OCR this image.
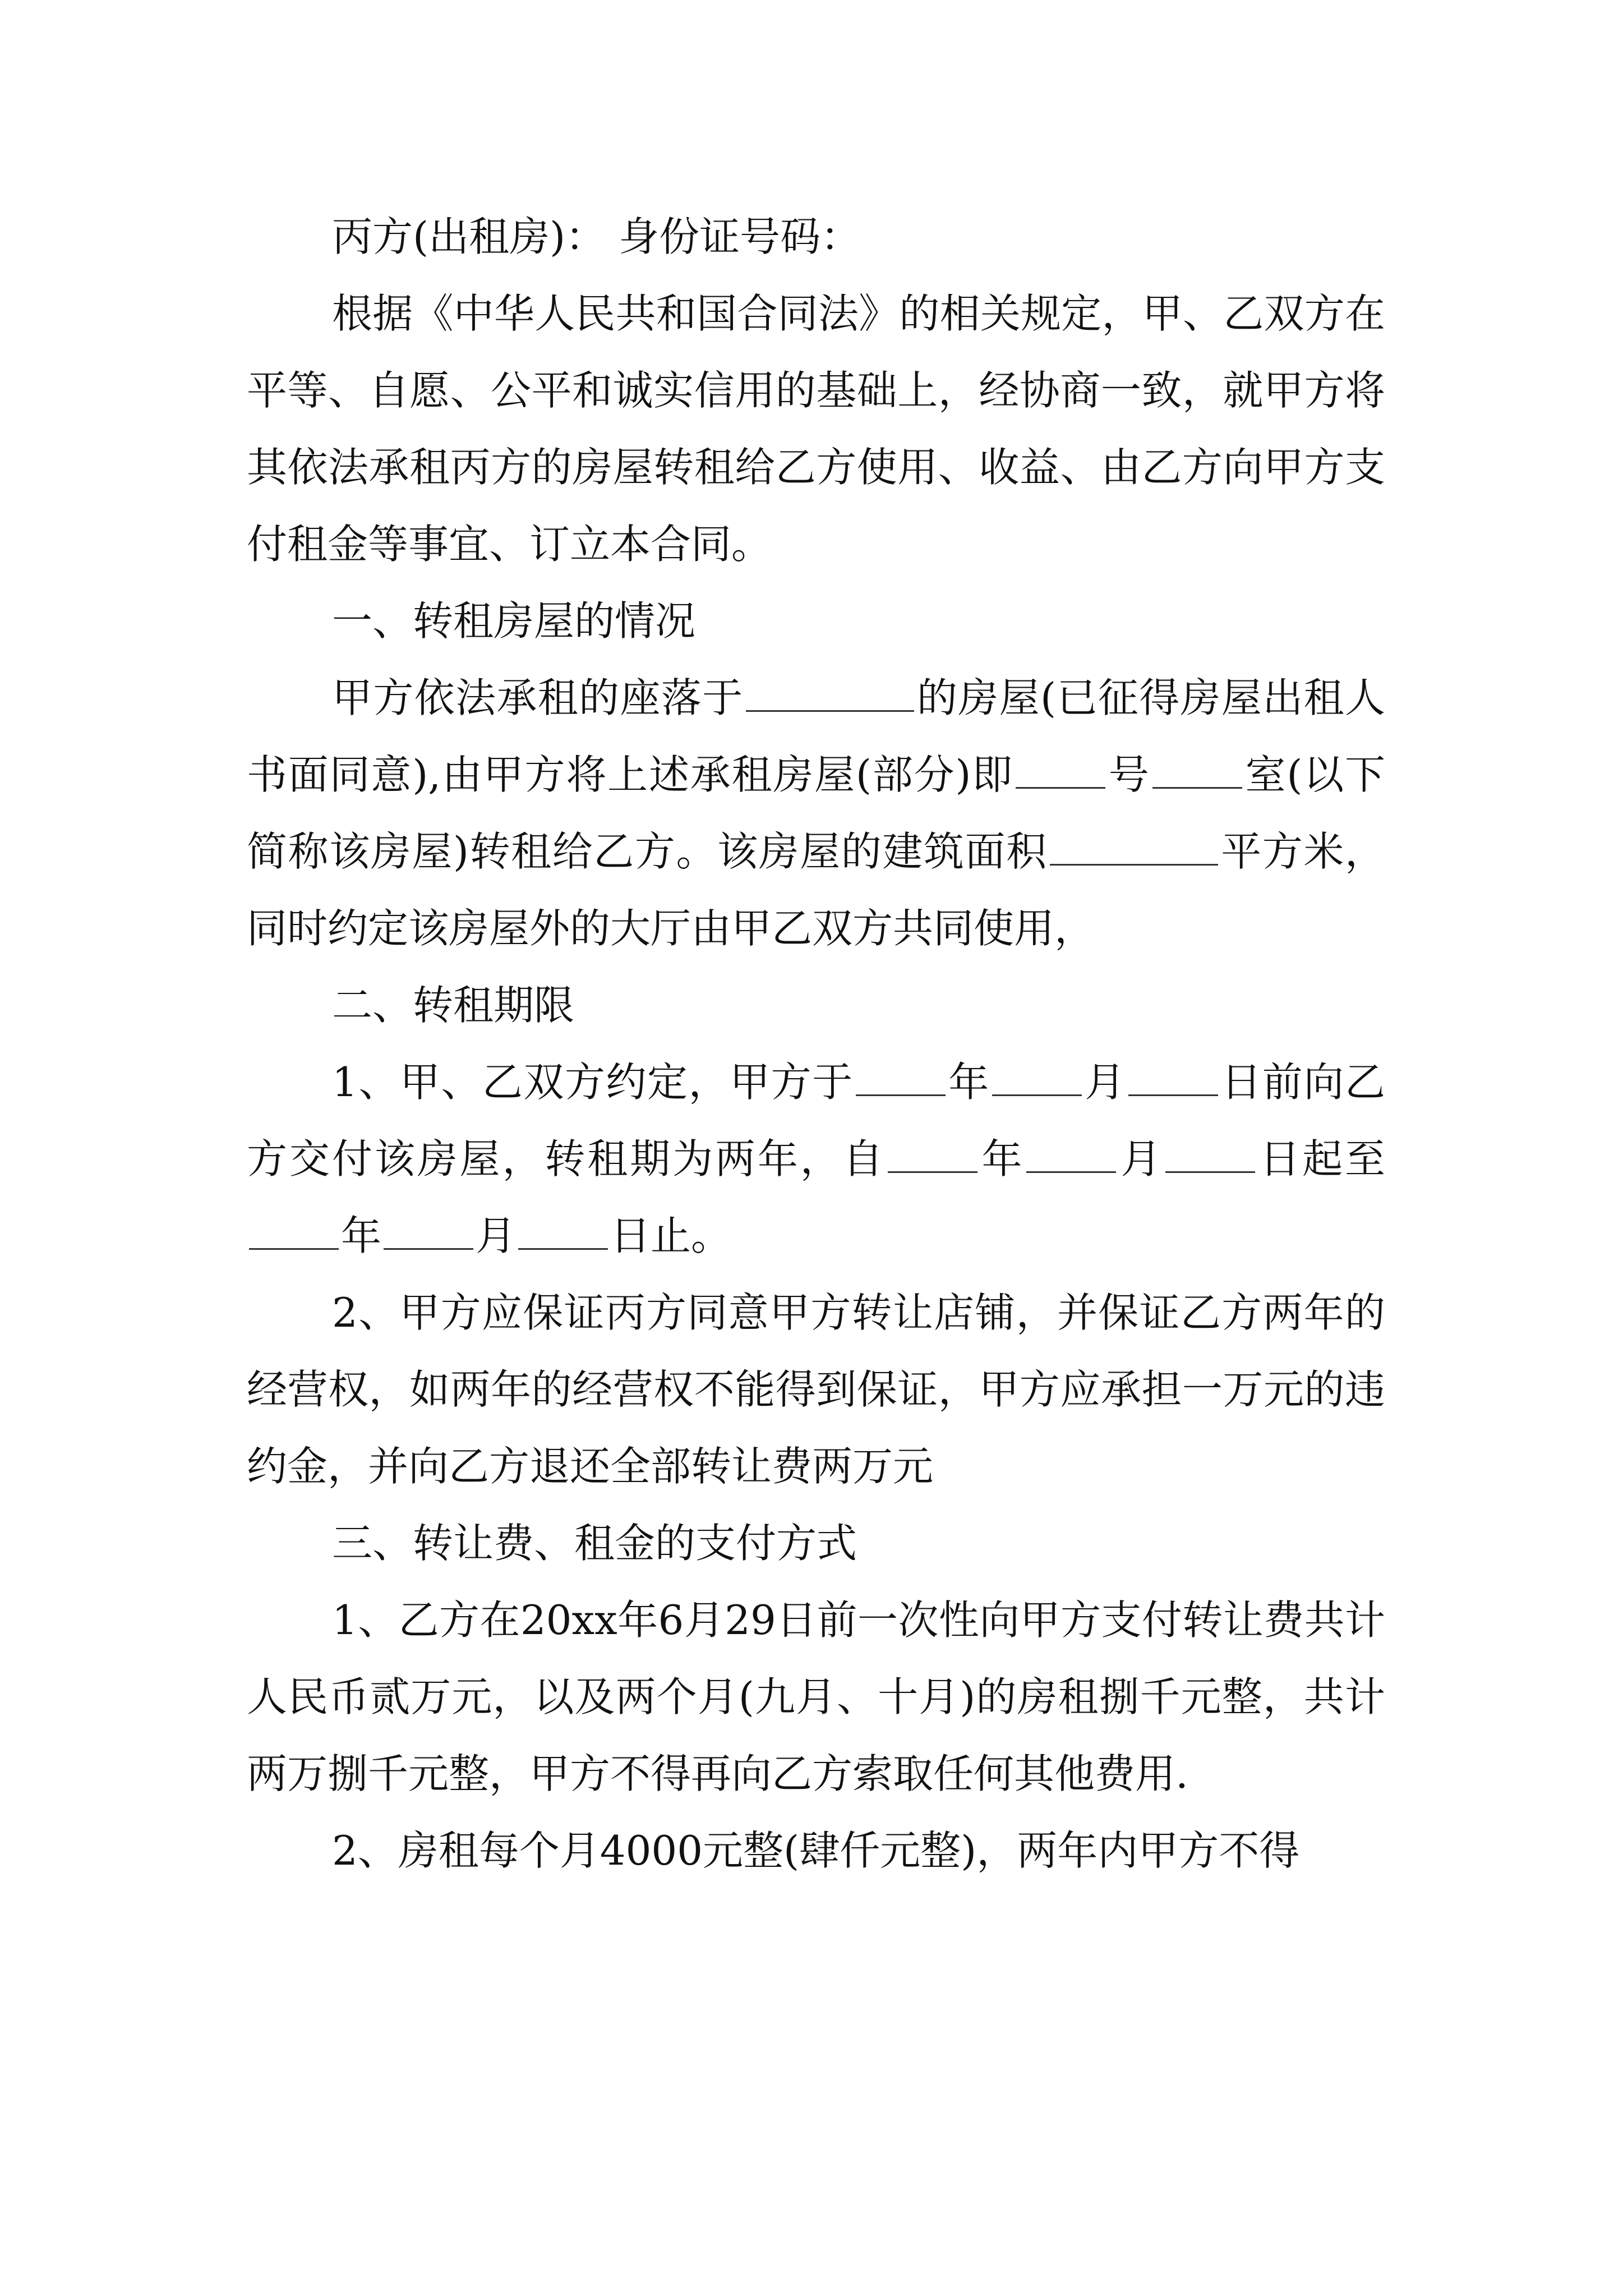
丙方(出租房)： 身份证号码：

根据《中华人民共和国合同法》的相关规定，甲、乙双方在平等、自愿、公平和诚实信用的基础上，经协商一致，就甲方将其依法承租丙方的房屋转租给乙方使用、收益、由乙方向甲方支付租金等事宜、订立本合同。

一、转租房屋的情况

甲方依法承租的座落于	的房屋(已征得房屋出租人书面同意),由甲方将上述承租房屋(部分)即 号 室(以下简称该房屋)转租给乙方。该房屋的建筑面积	平方米，同时约定该房屋外的大厅由甲乙双方共同使用，

二、转租期限

1、甲、乙双方约定，甲方于 年 月 日前向乙方交付该房屋，转租期为两年，自 年 月 日起至年 月 日止。

2、甲方应保证丙方同意甲方转让店铺，并保证乙方两年的经营权，如两年的经营权不能得到保证，甲方应承担一万元的违约金，并向乙方退还全部转让费两万元

三、转让费、租金的支付方式

1、乙方在20xx年6月29日前一次性向甲方支付转让费共计人民币贰万元，以及两个月(九月、十月)的房租捌千元整，共计两万捌千元整，甲方不得再向乙方索取任何其他费用.

2、房租每个月4000元整(肆仟元整)，两年内甲方不得
